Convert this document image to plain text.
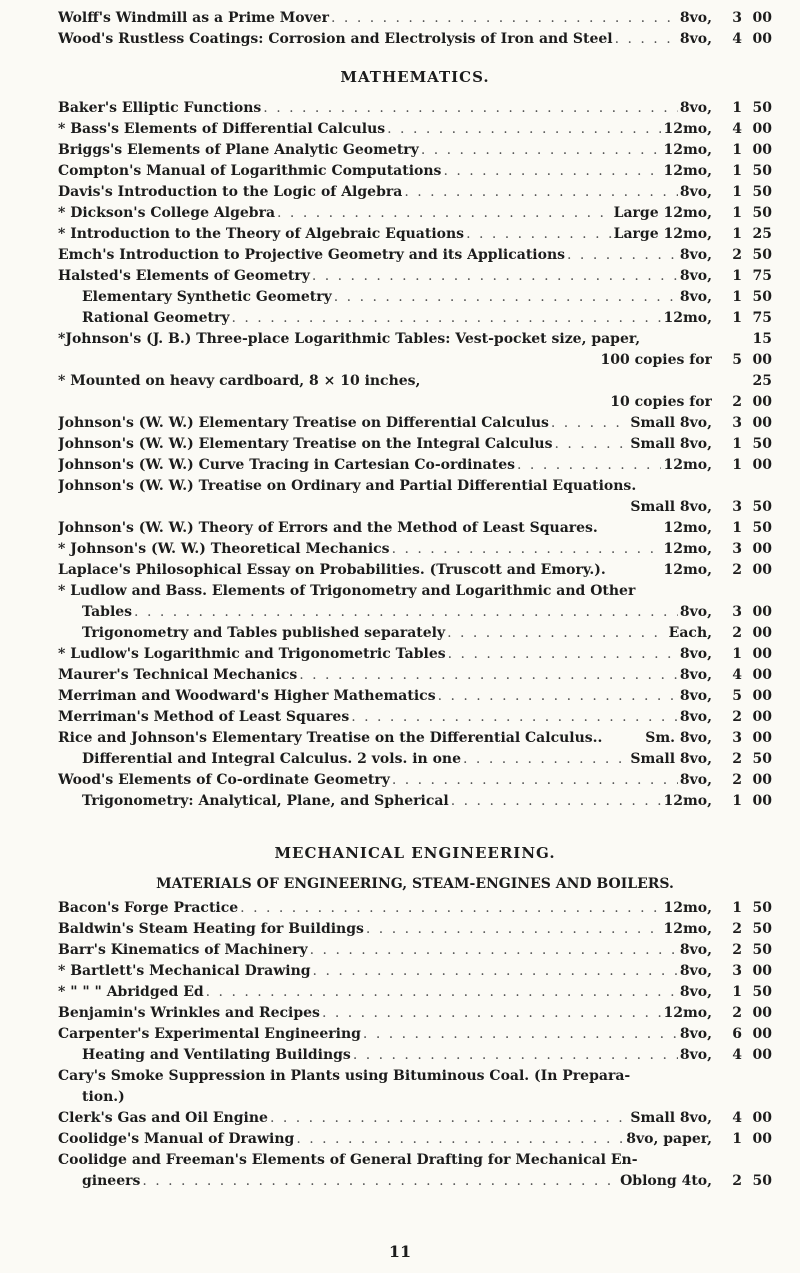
Wolff's Windmill as a Prime Mover . . .	8vo,	3 00
Wood's Rustless Coatings: Corrosion and Electrolysis of Iron and Steel . . .	8vo,	4 00
MATHEMATICS.
Baker's Elliptic Functions . . .	8vo,	1 50
* Bass's Elements of Differential Calculus . . .	12mo,	4 00
Briggs's Elements of Plane Analytic Geometry . . .	12mo,	1 00
Compton's Manual of Logarithmic Computations . . .	12mo,	1 50
Davis's Introduction to the Logic of Algebra . . .	8vo,	1 50
* Dickson's College Algebra . . .	Large 12mo,	1 50
* Introduction to the Theory of Algebraic Equations . . .	Large 12mo,	1 25
Emch's Introduction to Projective Geometry and its Applications . . .	8vo,	2 50
Halsted's Elements of Geometry . . .	8vo,	1 75
Elementary Synthetic Geometry . . .	8vo,	1 50
Rational Geometry . . .	12mo,	1 75
*Johnson's (J. B.) Three-place Logarithmic Tables: Vest-pocket size, paper,	15
100 copies for	5 00
* Mounted on heavy cardboard, 8 × 10 inches,	25
10 copies for	2 00
Johnson's (W. W.) Elementary Treatise on Differential Calculus . . .	Small 8vo,	3 00
Johnson's (W. W.) Elementary Treatise on the Integral Calculus . . .	Small 8vo,	1 50
Johnson's (W. W.) Curve Tracing in Cartesian Co-ordinates . . .	12mo,	1 00
Johnson's (W. W.) Treatise on Ordinary and Partial Differential Equations.
Small 8vo,	3 50
Johnson's (W. W.) Theory of Errors and the Method of Least Squares.	12mo,	1 50
* Johnson's (W. W.) Theoretical Mechanics . . .	12mo,	3 00
Laplace's Philosophical Essay on Probabilities. (Truscott and Emory.).	12mo,	2 00
* Ludlow and Bass. Elements of Trigonometry and Logarithmic and Other
Tables . . .	8vo,	3 00
Trigonometry and Tables published separately . . .	Each,	2 00
* Ludlow's Logarithmic and Trigonometric Tables . . .	8vo,	1 00
Maurer's Technical Mechanics . . .	8vo,	4 00
Merriman and Woodward's Higher Mathematics . . .	8vo,	5 00
Merriman's Method of Least Squares . . .	8vo,	2 00
Rice and Johnson's Elementary Treatise on the Differential Calculus..	Sm. 8vo,	3 00
Differential and Integral Calculus. 2 vols. in one . . .	Small 8vo,	2 50
Wood's Elements of Co-ordinate Geometry . . .	8vo,	2 00
Trigonometry: Analytical, Plane, and Spherical . . .	12mo,	1 00
MECHANICAL ENGINEERING.
MATERIALS OF ENGINEERING, STEAM-ENGINES AND BOILERS.
Bacon's Forge Practice . . .	12mo,	1 50
Baldwin's Steam Heating for Buildings . . .	12mo,	2 50
Barr's Kinematics of Machinery . . .	8vo,	2 50
* Bartlett's Mechanical Drawing . . .	8vo,	3 00
* " " " Abridged Ed . . .	8vo,	1 50
Benjamin's Wrinkles and Recipes . . .	12mo,	2 00
Carpenter's Experimental Engineering . . .	8vo,	6 00
Heating and Ventilating Buildings . . .	8vo,	4 00
Cary's Smoke Suppression in Plants using Bituminous Coal. (In Prepara-
tion.)
Clerk's Gas and Oil Engine . . .	Small 8vo,	4 00
Coolidge's Manual of Drawing . . .	8vo, paper,	1 00
Coolidge and Freeman's Elements of General Drafting for Mechanical En-
gineers . . .	Oblong 4to,	2 50
11
